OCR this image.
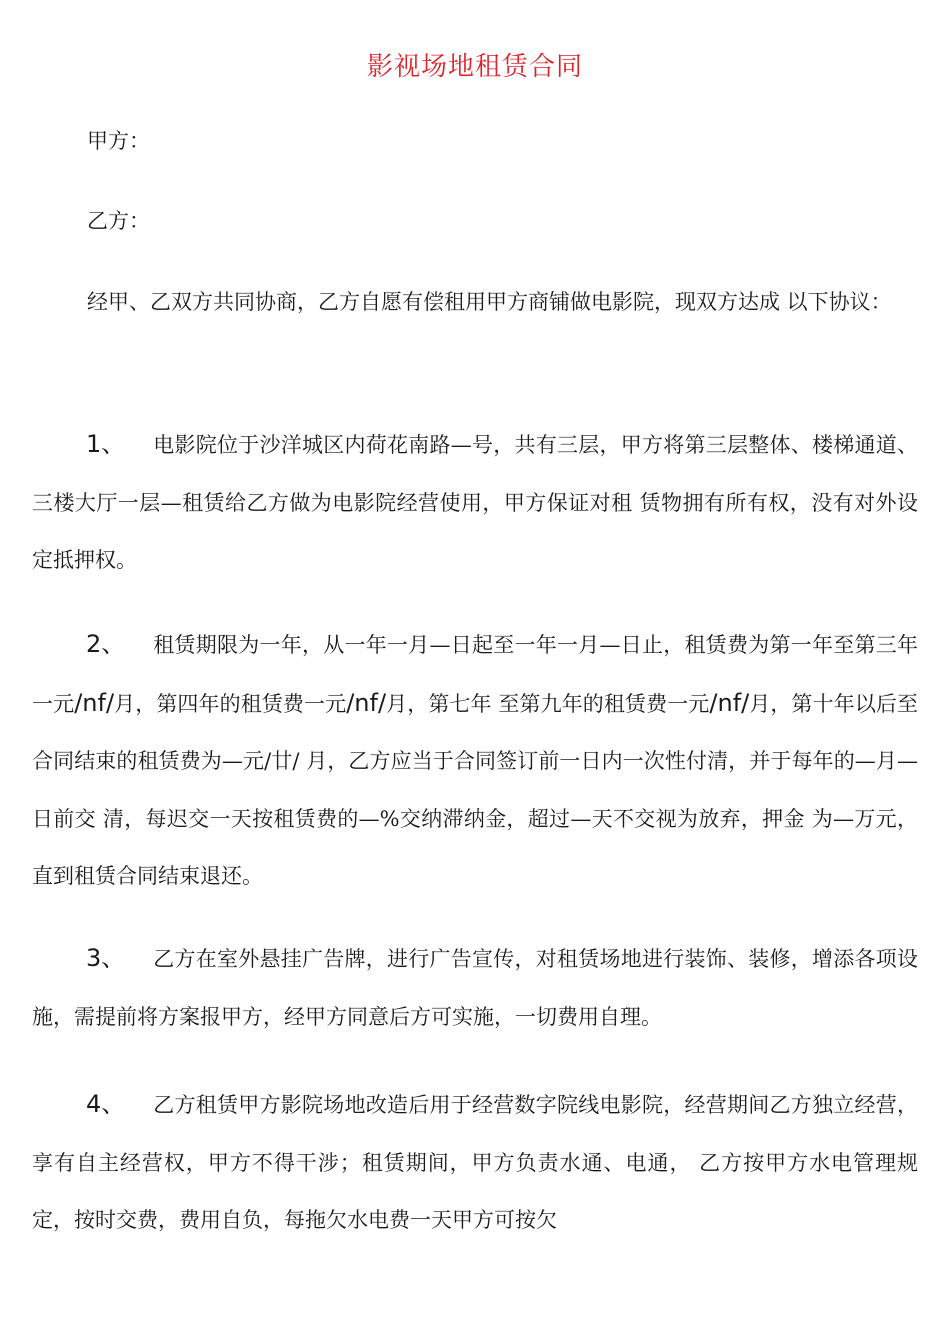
影视场地租赁合同
甲方：
乙方：
经甲、乙双方共同协商，乙方自愿有偿租用甲方商铺做电影院，现双方达成 以下协议：
1、 电影院位于沙洋城区内荷花南路—号，共有三层，甲方将第三层整体、楼梯通道、三楼大厅一层—租赁给乙方做为电影院经营使用，甲方保证对租 赁物拥有所有权，没有对外设定抵押权。
2、 租赁期限为一年，从一年一月—日起至一年一月—日止，租赁费为第一年至第三年一元/nf/月，第四年的租赁费一元/nf/月，第七年 至第九年的租赁费一元/nf/月，第十年以后至合同结束的租赁费为—元/廿/ 月，乙方应当于合同签订前一日内一次性付清，并于每年的—月—日前交 清，每迟交一天按租赁费的—%交纳滞纳金，超过—天不交视为放弃，押金 为—万元，直到租赁合同结束退还。
3、 乙方在室外悬挂广告牌，进行广告宣传，对租赁场地进行装饰、装修，增添各项设施，需提前将方案报甲方，经甲方同意后方可实施，一切费用自理。
4、 乙方租赁甲方影院场地改造后用于经营数字院线电影院，经营期间乙方独立经营，享有自主经营权，甲方不得干涉；租赁期间，甲方负责水通、电通， 乙方按甲方水电管理规定，按时交费，费用自负，每拖欠水电费一天甲方可按欠
